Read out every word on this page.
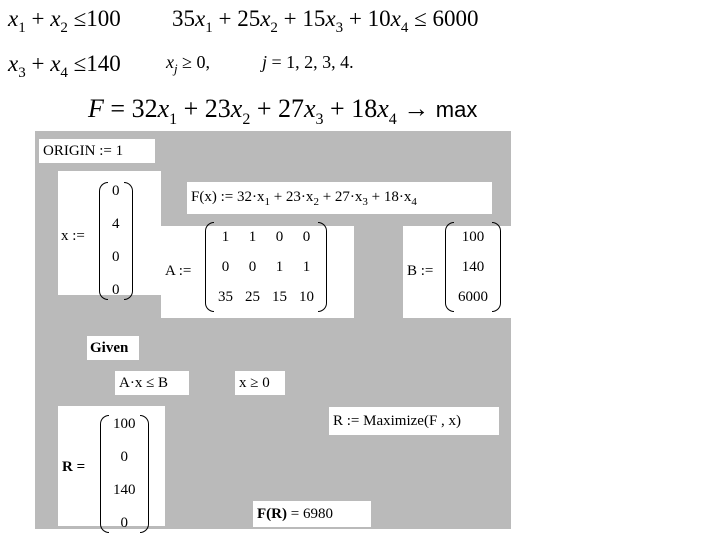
$x_1 + x_2 \le 100$ $35x_1 + 25x_2 + 15x_3 + 10x_4 \le 6000$
$x_3 + x_4 \le 140$	$x_j \ge 0$,	j = 1, 2, 3, 4.
$F = 32x_1 + 23x_2 + 27x_3 + 18x_4 \to \max$
ORIGIN := 1
x :=
0
4
0
0
F(x) := $32\cdot x_1 + 23\cdot x_2 + 27\cdot x_3 + 18\cdot x_4$
A :=
1 1 0 0
0 0 1 1
35 25 15 10
B :=
100
140
6000
Given
A·x ≤ B	x ≥ 0
R := Maximize(F , x)
R =
100
0
140
0
F(R) = 6980
